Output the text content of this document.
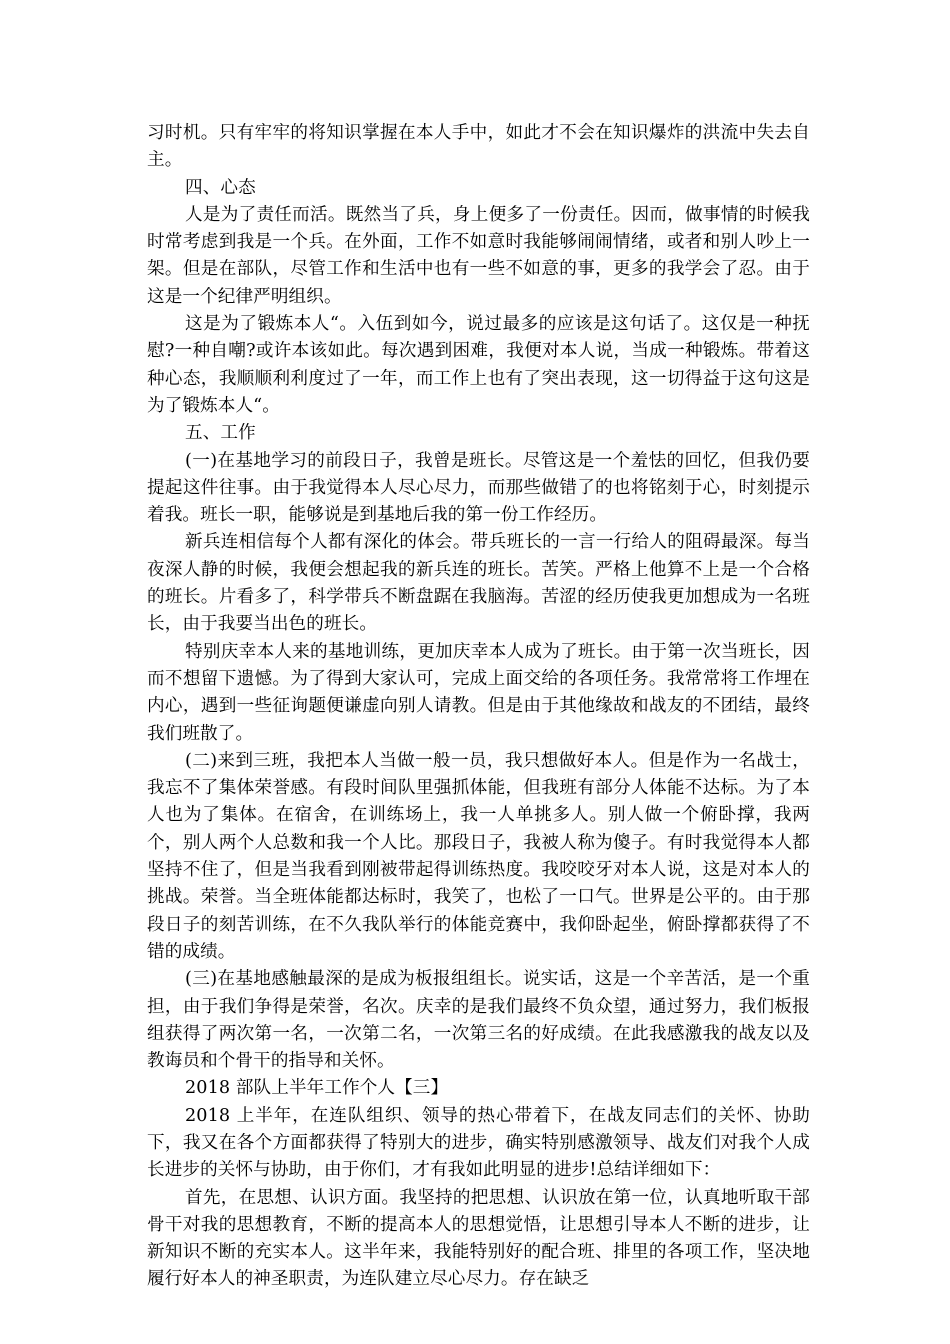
习时机。只有牢牢的将知识掌握在本人手中，如此才不会在知识爆炸的洪流中失去自主。

四、心态

人是为了责任而活。既然当了兵，身上便多了一份责任。因而，做事情的时候我时常考虑到我是一个兵。在外面，工作不如意时我能够闹闹情绪，或者和别人吵上一架。但是在部队，尽管工作和生活中也有一些不如意的事，更多的我学会了忍。由于这是一个纪律严明组织。

这是为了锻炼本人“。入伍到如今，说过最多的应该是这句话了。这仅是一种抚慰?一种自嘲?或许本该如此。每次遇到困难，我便对本人说，当成一种锻炼。带着这种心态，我顺顺利利度过了一年，而工作上也有了突出表现，这一切得益于这句这是为了锻炼本人“。

五、工作

(一)在基地学习的前段日子，我曾是班长。尽管这是一个羞怯的回忆，但我仍要提起这件往事。由于我觉得本人尽心尽力，而那些做错了的也将铭刻于心，时刻提示着我。班长一职，能够说是到基地后我的第一份工作经历。

新兵连相信每个人都有深化的体会。带兵班长的一言一行给人的阻碍最深。每当夜深人静的时候，我便会想起我的新兵连的班长。苦笑。严格上他算不上是一个合格的班长。片看多了，科学带兵不断盘踞在我脑海。苦涩的经历使我更加想成为一名班长，由于我要当出色的班长。

特别庆幸本人来的基地训练，更加庆幸本人成为了班长。由于第一次当班长，因而不想留下遗憾。为了得到大家认可，完成上面交给的各项任务。我常常将工作埋在内心，遇到一些征询题便谦虚向别人请教。但是由于其他缘故和战友的不团结，最终我们班散了。

(二)来到三班，我把本人当做一般一员，我只想做好本人。但是作为一名战士，我忘不了集体荣誉感。有段时间队里强抓体能，但我班有部分人体能不达标。为了本人也为了集体。在宿舍，在训练场上，我一人单挑多人。别人做一个俯卧撑，我两个，别人两个人总数和我一个人比。那段日子，我被人称为傻子。有时我觉得本人都坚持不住了，但是当我看到刚被带起得训练热度。我咬咬牙对本人说，这是对本人的挑战。荣誉。当全班体能都达标时，我笑了，也松了一口气。世界是公平的。由于那段日子的刻苦训练，在不久我队举行的体能竞赛中，我仰卧起坐，俯卧撑都获得了不错的成绩。

(三)在基地感触最深的是成为板报组组长。说实话，这是一个辛苦活，是一个重担，由于我们争得是荣誉，名次。庆幸的是我们最终不负众望，通过努力，我们板报组获得了两次第一名，一次第二名，一次第三名的好成绩。在此我感激我的战友以及教诲员和个骨干的指导和关怀。

2018 部队上半年工作个人【三】

2018 上半年，在连队组织、领导的热心带着下，在战友同志们的关怀、协助下，我又在各个方面都获得了特别大的进步，确实特别感激领导、战友们对我个人成长进步的关怀与协助，由于你们，才有我如此明显的进步!总结详细如下：

首先，在思想、认识方面。我坚持的把思想、认识放在第一位，认真地听取干部骨干对我的思想教育，不断的提高本人的思想觉悟，让思想引导本人不断的进步，让新知识不断的充实本人。这半年来，我能特别好的配合班、排里的各项工作，坚决地履行好本人的神圣职责，为连队建立尽心尽力。存在缺乏
